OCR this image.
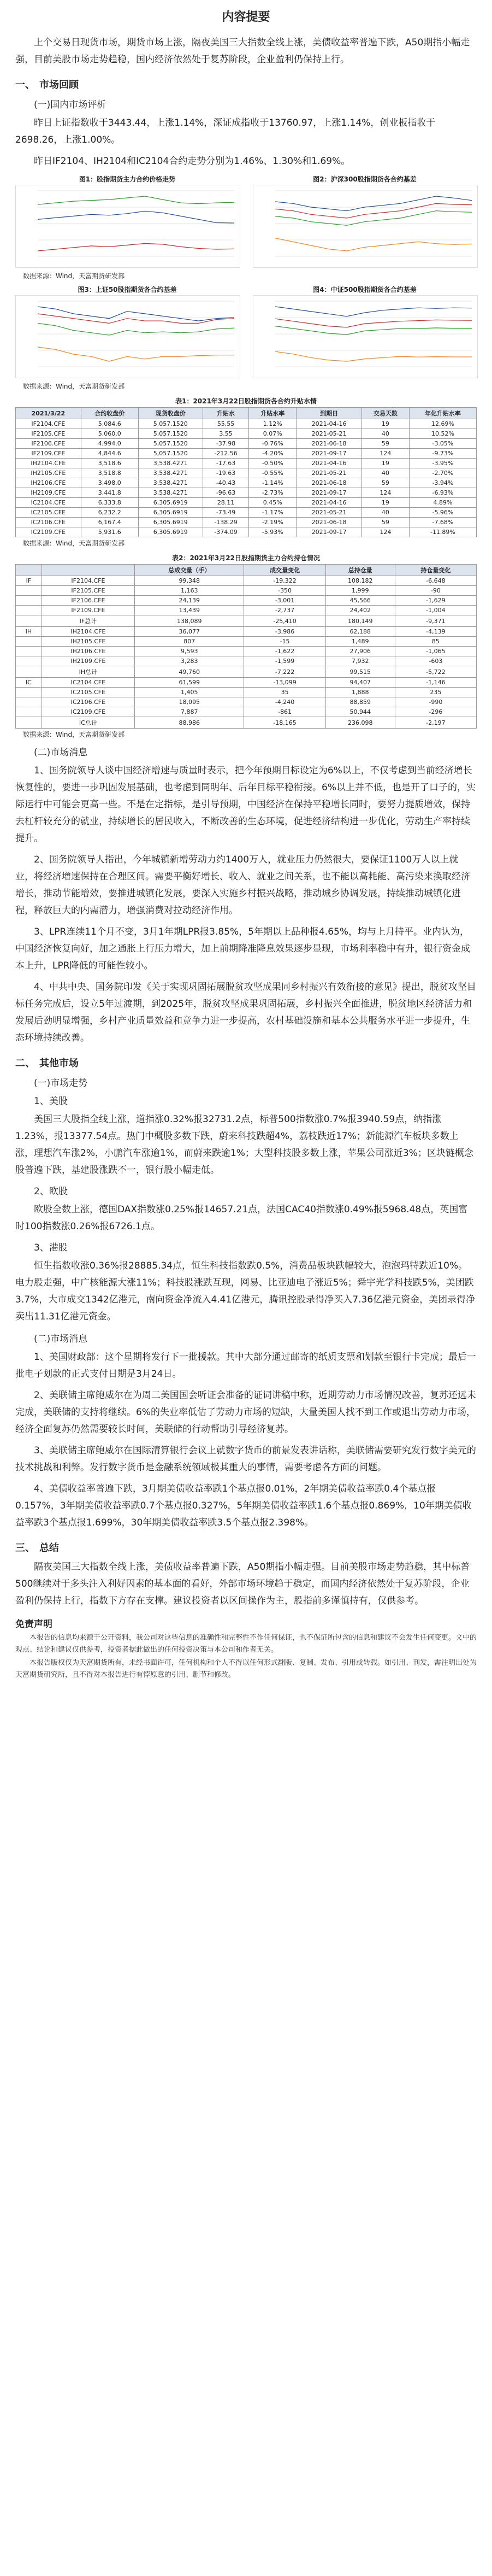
内容提要

上个交易日现货市场，期货市场上涨，隔夜美国三大指数全线上涨，美债收益率普遍下跌，A50期指小幅走强，目前美股市场走势趋稳，国内经济依然处于复苏阶段，企业盈利仍保持上行。

一、 市场回顾
(一)国内市场评析

昨日上证指数收于3443.44，上涨1.14%，深证成指收于13760.97，上涨1.14%，创业板指收于2698.26，上涨1.00%。

昨日IF2104、IH2104和IC2104合约走势分别为1.46%、1.30%和1.69%。

图1：股指期货主力合约价格走势	图2：沪深300股指期货各合约基差
数据来源：Wind，天富期货研发部
图3：上证50股指期货各合约基差	图4：中证500股指期货各合约基差
数据来源：Wind，天富期货研发部
表1：2021年3月22日股指期货各合约升贴水情
2021/3/22	合约收盘价	现货收盘价	升贴水	升贴水率	到期日	交易天数	年化升贴水率
IF2104.CFE	5,084.6	5,057.1520	55.55	1.12%	2021-04-16	19	12.69%
IF2105.CFE	5,060.0	5,057.1520	3.55	0.07%	2021-05-21	40	10.52%
IF2106.CFE	4,994.0	5,057.1520	-37.98	-0.76%	2021-06-18	59	-3.05%
IF2109.CFE	4,844.6	5,057.1520	-212.56	-4.20%	2021-09-17	124	-9.73%
IH2104.CFE	3,518.6	3,538.4271	-17.63	-0.50%	2021-04-16	19	-3.95%
IH2105.CFE	3,518.8	3,538.4271	-19.63	-0.55%	2021-05-21	40	-2.70%
IH2106.CFE	3,498.0	3,538.4271	-40.43	-1.14%	2021-06-18	59	-3.94%
IH2109.CFE	3,441.8	3,538.4271	-96.63	-2.73%	2021-09-17	124	-6.93%
IC2104.CFE	6,333.8	6,305.6919	28.11	0.45%	2021-04-16	19	4.89%
IC2105.CFE	6,232.2	6,305.6919	-73.49	-1.17%	2021-05-21	40	-5.96%
IC2106.CFE	6,167.4	6,305.6919	-138.29	-2.19%	2021-06-18	59	-7.68%
IC2109.CFE	5,931.6	6,305.6919	-374.09	-5.93%	2021-09-17	124	-11.89%
数据来源：Wind，天富期货研发部
表2：2021年3月22日股指期货主力合约持仓情况
		总成交量（手）	成交量变化	总持仓量	持仓量变化
IF	IF2104.CFE	99,348	-19,322	108,182	-6,648
	IF2105.CFE	1,163	-350	1,999	-90
	IF2106.CFE	24,139	-3,001	45,566	-1,629
	IF2109.CFE	13,439	-2,737	24,402	-1,004
	IF总计	138,089	-25,410	180,149	-9,371
IH	IH2104.CFE	36,077	-3,986	62,188	-4,139
	IH2105.CFE	807	-15	1,489	85
	IH2106.CFE	9,593	-1,622	27,906	-1,065
	IH2109.CFE	3,283	-1,599	7,932	-603
	IH总计	49,760	-7,222	99,515	-5,722
IC	IC2104.CFE	61,599	-13,099	94,407	-1,146
	IC2105.CFE	1,405	35	1,888	235
	IC2106.CFE	18,095	-4,240	88,859	-990
	IC2109.CFE	7,887	-861	50,944	-296
	IC总计	88,986	-18,165	236,098	-2,197
数据来源：Wind，天富期货研发部
(二)市场消息

1、国务院领导人谈中国经济增速与质量时表示，把今年预期目标设定为6%以上，不仅考虑到当前经济增长恢复性的，要进一步巩固发展基础，也考虑到同明年、后年目标平稳衔接。6%以上并不低，也是开了口子的，实际运行中可能会更高一些。不是在定指标，是引导预期，中国经济在保持平稳增长同时，要努力提质增效，保持去杠杆较充分的就业，持续增长的居民收入，不断改善的生态环境，促进经济结构进一步优化，劳动生产率持续提升。

2、国务院领导人指出，今年城镇新增劳动力约1400万人，就业压力仍然很大，要保证1100万人以上就业，将经济增速保持在合理区间。需要平衡好增长、收入、就业之间关系，也不能以高耗能、高污染来换取经济增长，推动节能增效，要推进城镇化发展，要深入实施乡村振兴战略，推动城乡协调发展，持续推动城镇化进程，释放巨大的内需潜力，增强消费对拉动经济作用。

3、LPR连续11个月不变，3月1年期LPR报3.85%，5年期以上品种报4.65%，均与上月持平。业内认为，中国经济恢复向好，加之通胀上行压力增大，加上前期降准降息效果逐步显现，市场利率稳中有升，银行资金成本上升，LPR降低的可能性较小。

4、中共中央、国务院印发《关于实现巩固拓展脱贫攻坚成果同乡村振兴有效衔接的意见》提出，脱贫攻坚目标任务完成后，设立5年过渡期，到2025年，脱贫攻坚成果巩固拓展，乡村振兴全面推进，脱贫地区经济活力和发展后劲明显增强，乡村产业质量效益和竞争力进一步提高，农村基础设施和基本公共服务水平进一步提升，生态环境持续改善。

二、 其他市场
(一)市场走势
1、美股

美国三大股指全线上涨，道指涨0.32%报32731.2点，标普500指数涨0.7%报3940.59点，纳指涨1.23%，报13377.54点。热门中概股多数下跌，蔚来科技跌超4%，荔枝跌近17%；新能源汽车板块多数上涨，理想汽车涨2%，小鹏汽车涨逾1%，而蔚来跌逾1%；大型科技股多数上涨，苹果公司涨近3%；区块链概念股普遍下跌，基建股涨跌不一，银行股小幅走低。

2、欧股

欧股全数上涨，德国DAX指数涨0.25%报14657.21点，法国CAC40指数涨0.49%报5968.48点，英国富时100指数涨0.26%报6726.1点。

3、港股

恒生指数收涨0.36%报28885.34点，恒生科技指数跌0.5%，消费品板块跌幅较大，泡泡玛特跌近10%。电力股走强，中广核能源大涨11%；科技股涨跌互现，网易、比亚迪电子涨近5%；舜宇光学科技跌5%，美团跌3.7%，大市成交1342亿港元，南向资金净流入4.41亿港元，腾讯控股录得净买入7.36亿港元资金，美团录得净卖出11.31亿港元资金。

(二)市场消息

1、美国财政部：这个星期将发行下一批援款。其中大部分通过邮寄的纸质支票和划款至银行卡完成；最后一批电子划款的正式支付日期是3月24日。

2、美联储主席鲍威尔在为周二美国国会听证会准备的证词讲稿中称，近期劳动力市场情况改善，复苏还远未完成，美联储的支持将继续。6%的失业率低估了劳动力市场的短缺，大量美国人找不到工作或退出劳动力市场，经济全面复苏仍然需要较长时间，美联储的行动帮助引导经济复苏。

3、美联储主席鲍威尔在国际清算银行会议上就数字货币的前景发表讲话称，美联储需要研究发行数字美元的技术挑战和利弊。发行数字货币是金融系统领域极其重大的事情，需要考虑各方面的问题。

4、美债收益率普遍下跌，3月期美债收益率跌1个基点报0.01%，2年期美债收益率跌0.4个基点报0.157%，3年期美债收益率跌0.7个基点报0.327%，5年期美债收益率跌1.6个基点报0.869%，10年期美债收益率跌3个基点报1.699%，30年期美债收益率跌3.5个基点报2.398%。

三、 总结

隔夜美国三大指数全线上涨，美债收益率普遍下跌，A50期指小幅走强。目前美股市场走势趋稳，其中标普500继续对于多头注入利好因素的基本面的看好，外部市场环境趋于稳定，而国内经济依然处于复苏阶段，企业盈利仍保持上行，指数下方存在支撑。建议投资者以区间操作为主，股指前多谨慎持有，仅供参考。

免责声明
本报告的信息均来源于公开资料，我公司对这些信息的准确性和完整性不作任何保证，也不保证所包含的信息和建议不会发生任何变更。文中的观点、结论和建议仅供参考，投资者据此做出的任何投资决策与本公司和作者无关。
本报告版权仅为天富期货所有，未经书面许可，任何机构和个人不得以任何形式翻版、复制、发布、引用或转载。如引用、刊发，需注明出处为天富期货研究所，且不得对本报告进行有悖原意的引用、删节和修改。
